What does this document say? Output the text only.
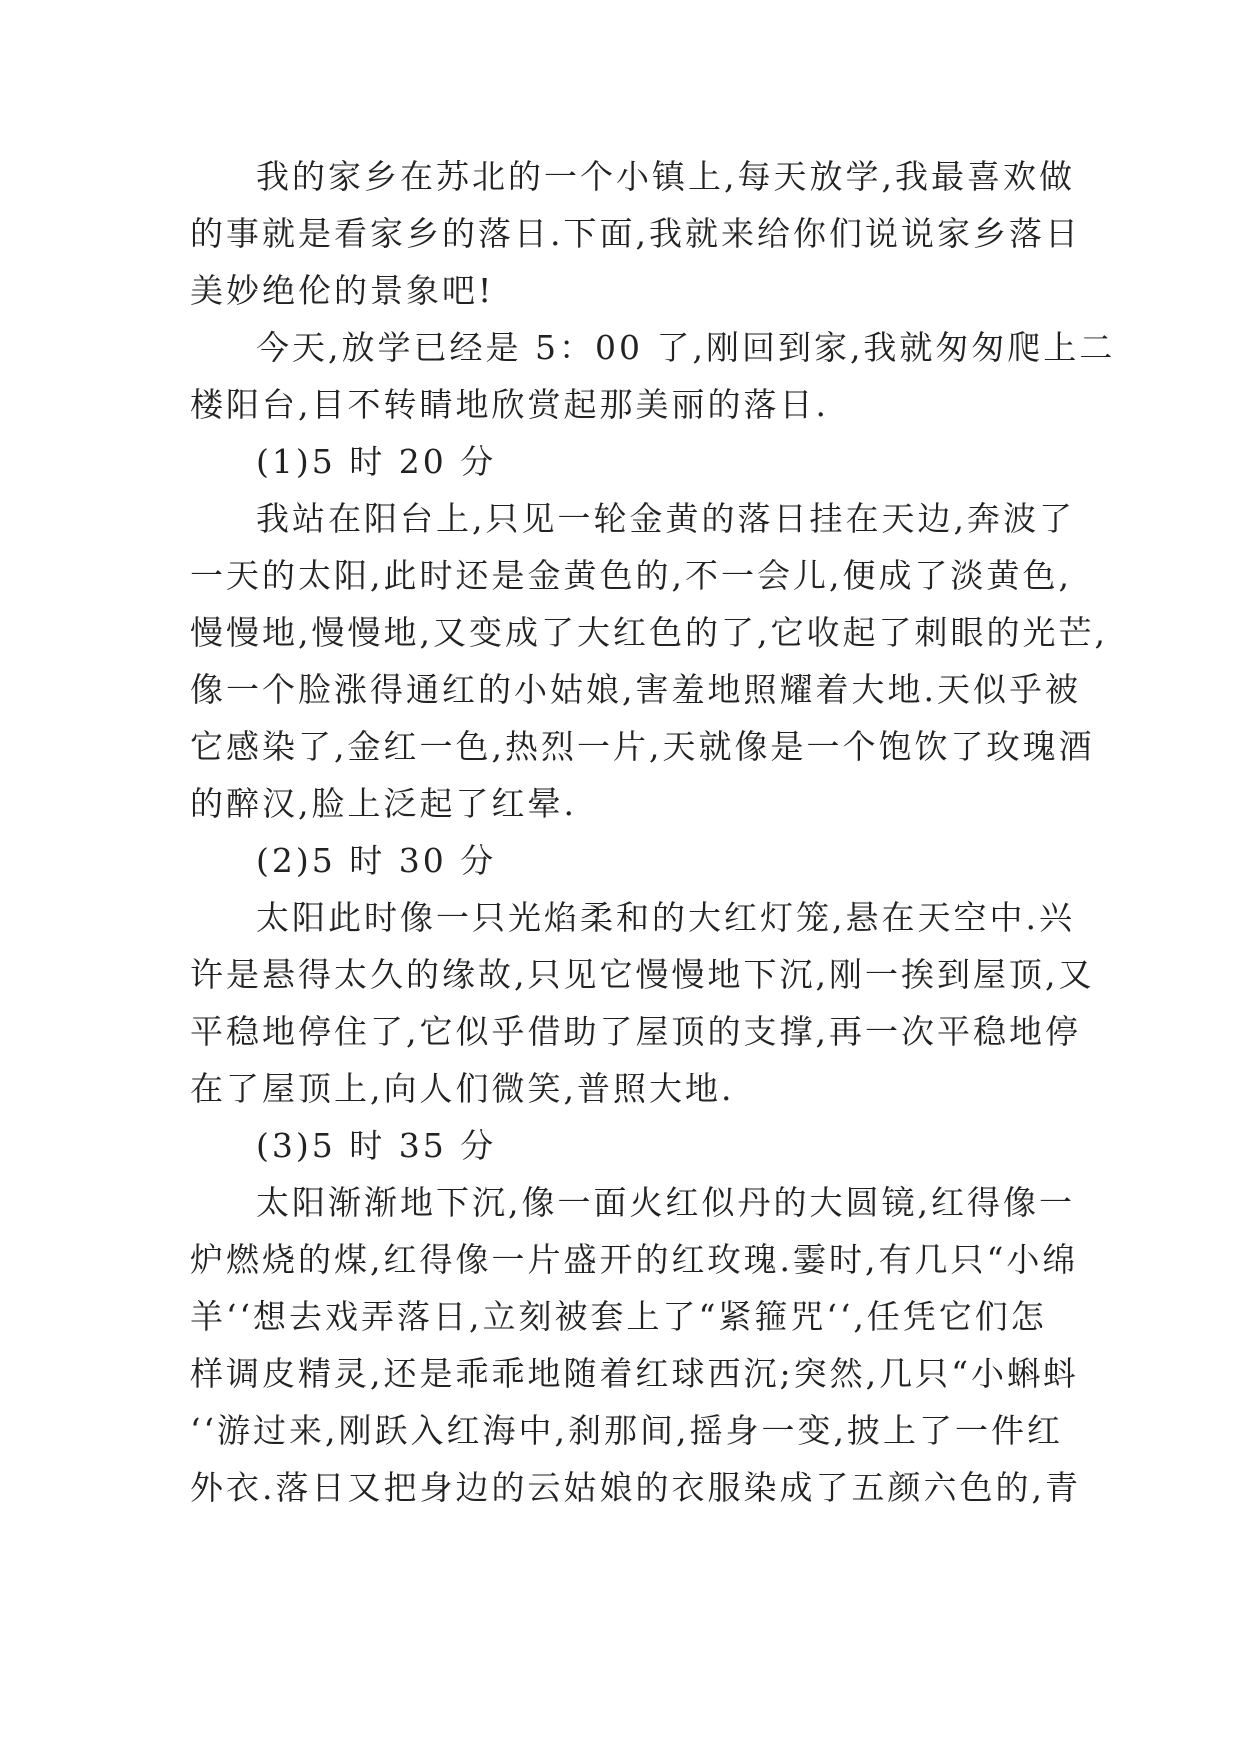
我的家乡在苏北的一个小镇上,每天放学,我最喜欢做
的事就是看家乡的落日.下面,我就来给你们说说家乡落日
美妙绝伦的景象吧!
今天,放学已经是 5：00 了,刚回到家,我就匆匆爬上二
楼阳台,目不转睛地欣赏起那美丽的落日.
(1)5 时 20 分
我站在阳台上,只见一轮金黄的落日挂在天边,奔波了
一天的太阳,此时还是金黄色的,不一会儿,便成了淡黄色,
慢慢地,慢慢地,又变成了大红色的了,它收起了刺眼的光芒,
像一个脸涨得通红的小姑娘,害羞地照耀着大地.天似乎被
它感染了,金红一色,热烈一片,天就像是一个饱饮了玫瑰酒
的醉汉,脸上泛起了红晕.
(2)5 时 30 分
太阳此时像一只光焰柔和的大红灯笼,悬在天空中.兴
许是悬得太久的缘故,只见它慢慢地下沉,刚一挨到屋顶,又
平稳地停住了,它似乎借助了屋顶的支撑,再一次平稳地停
在了屋顶上,向人们微笑,普照大地.
(3)5 时 35 分
太阳渐渐地下沉,像一面火红似丹的大圆镜,红得像一
炉燃烧的煤,红得像一片盛开的红玫瑰.霎时,有几只“小绵
羊‘‘想去戏弄落日,立刻被套上了“紧箍咒‘‘,任凭它们怎
样调皮精灵,还是乖乖地随着红球西沉;突然,几只“小蝌蚪
‘‘游过来,刚跃入红海中,刹那间,摇身一变,披上了一件红
外衣.落日又把身边的云姑娘的衣服染成了五颜六色的,青
